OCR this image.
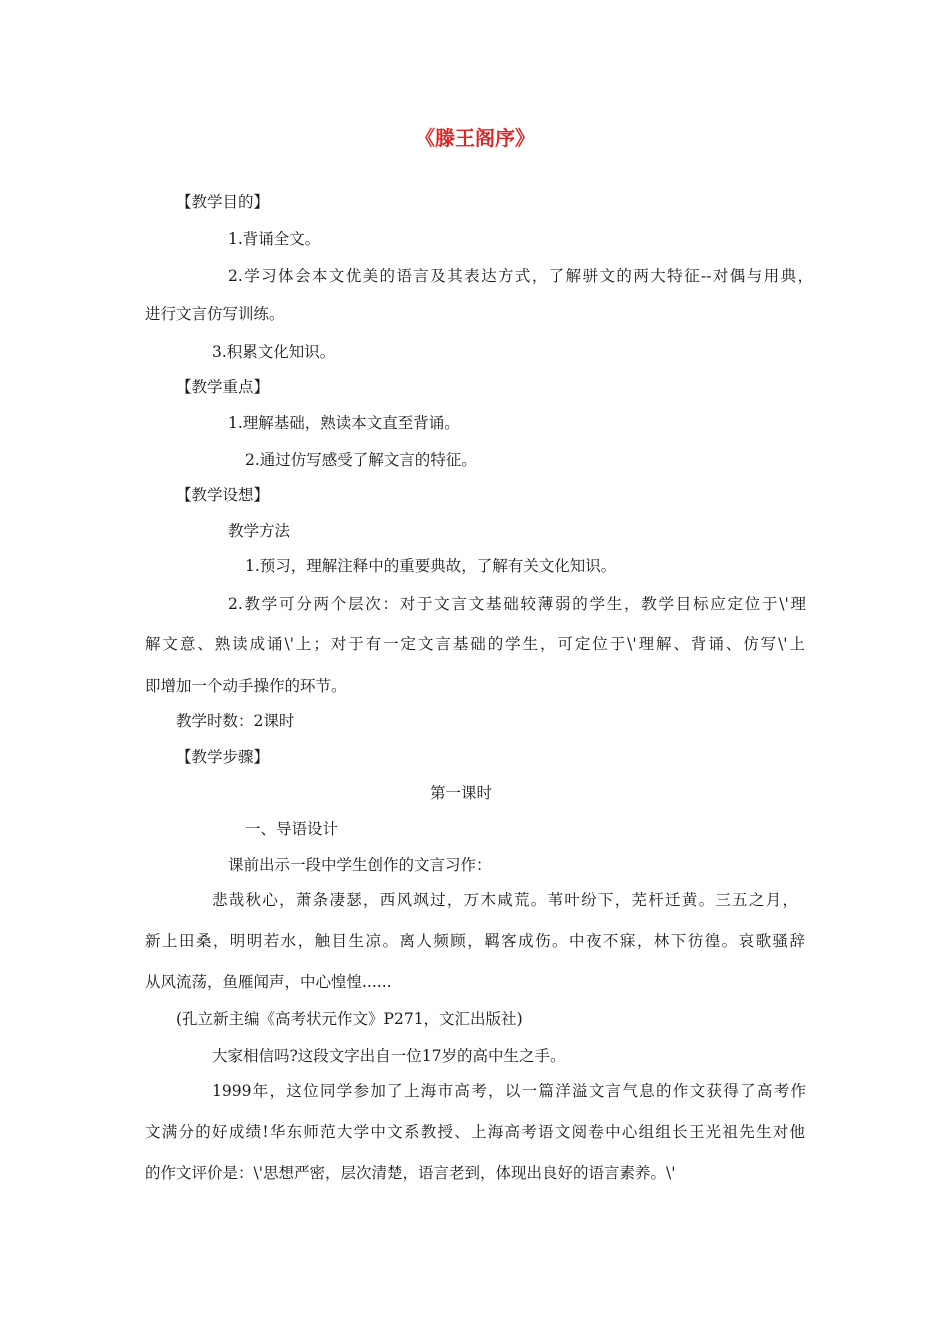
《滕王阁序》
【教学目的】
1.背诵全文。
2.学习体会本文优美的语言及其表达方式，了解骈文的两大特征--对偶与用典，
进行文言仿写训练。
3.积累文化知识。
【教学重点】
1.理解基础，熟读本文直至背诵。
2.通过仿写感受了解文言的特征。
【教学设想】
教学方法
1.预习，理解注释中的重要典故，了解有关文化知识。
2.教学可分两个层次：对于文言文基础较薄弱的学生，教学目标应定位于\'理
解文意、熟读成诵\'上；对于有一定文言基础的学生，可定位于\'理解、背诵、仿写\'上
即增加一个动手操作的环节。
教学时数：2课时
【教学步骤】
第一课时
一、导语设计
课前出示一段中学生创作的文言习作：
悲哉秋心，萧条凄瑟，西风飒过，万木咸荒。苇叶纷下，芜杆迁黄。三五之月，
新上田桑，明明若水，触目生凉。离人频顾，羁客成伤。中夜不寐，林下彷徨。哀歌骚辞
从风流荡，鱼雁闻声，中心惶惶......
(孔立新主编《高考状元作文》P271，文汇出版社)
大家相信吗?这段文字出自一位17岁的高中生之手。
1999年，这位同学参加了上海市高考，以一篇洋溢文言气息的作文获得了高考作
文满分的好成绩!华东师范大学中文系教授、上海高考语文阅卷中心组组长王光祖先生对他
的作文评价是：\'思想严密，层次清楚，语言老到，体现出良好的语言素养。\'
